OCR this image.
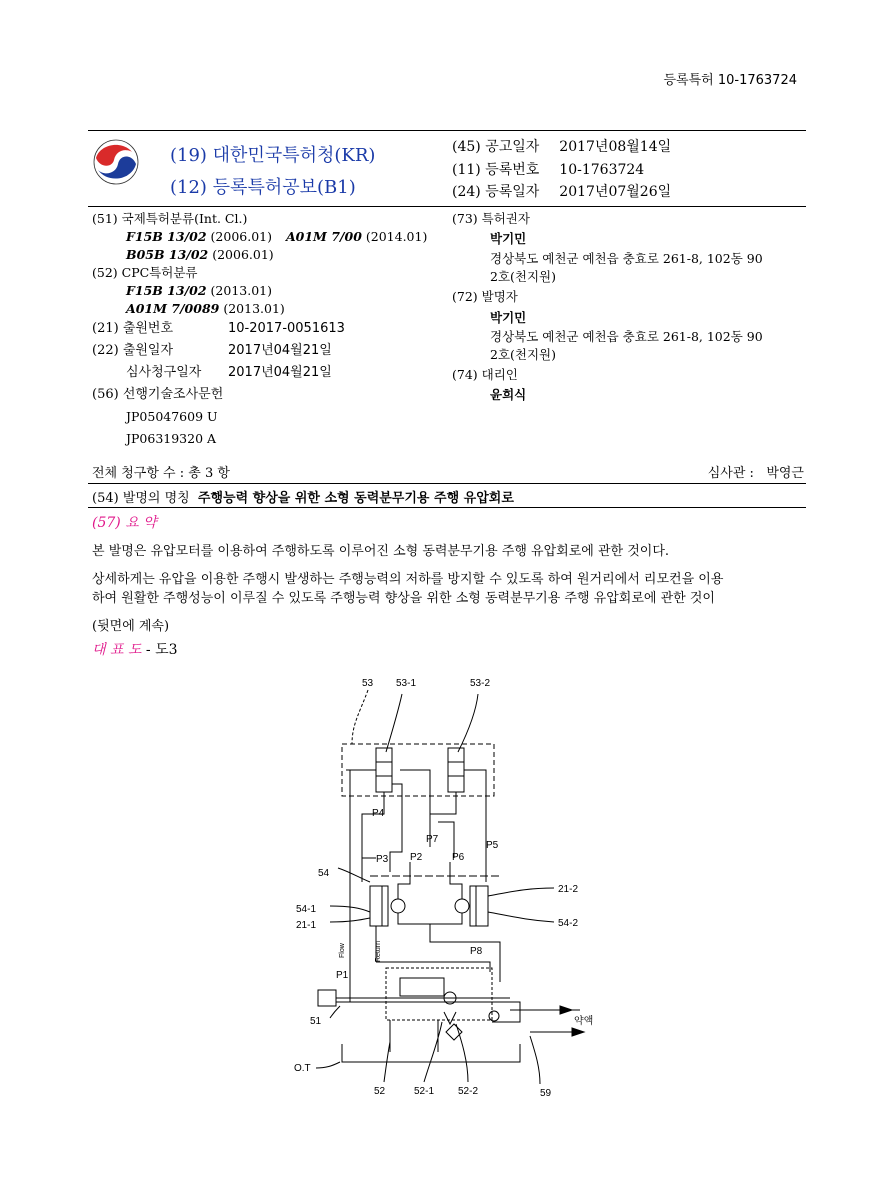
등록특허 10-1763724
(19) 대한민국특허청(KR)
(12) 등록특허공보(B1)
(45) 공고일자 2017년08월14일
(11) 등록번호 10-1763724
(24) 등록일자 2017년07월26일
(51) 국제특허분류(Int. Cl.)
F15B 13/02 (2006.01) A01M 7/00 (2014.01)
B05B 13/02 (2006.01)
(52) CPC특허분류
F15B 13/02 (2013.01)
A01M 7/0089 (2013.01)
(21) 출원번호	10-2017-0051613
(22) 출원일자	2017년04월21일
심사청구일자 2017년04월21일
(56) 선행기술조사문헌
JP05047609 U
JP06319320 A
(73) 특허권자
박기민
경상북도 예천군 예천읍 충효로 261-8, 102동 90
2호(천지원)
(72) 발명자
박기민
경상북도 예천군 예천읍 충효로 261-8, 102동 90
2호(천지원)
(74) 대리인
윤희식
전체 청구항 수 : 총 3 항	심사관 :   박영근
(54) 발명의 명칭 주행능력 향상을 위한 소형 동력분무기용 주행 유압회로
(57) 요 약
본 발명은 유압모터를 이용하여 주행하도록 이루어진 소형 동력분무기용 주행 유압회로에 관한 것이다.
상세하게는 유압을 이용한 주행시 발생하는 주행능력의 저하를 방지할 수 있도록 하여 원거리에서 리모컨을 이용
하여 원활한 주행성능이 이루질 수 있도록 주행능력 향상을 위한 소형 동력분무기용 주행 유압회로에 관한 것이
(뒷면에 계속)
대 표 도 - 도3
53 53-1	53-2
P4
P7
P5
P3 P2	P6
54
54-1
21-1
21-2
54-2
P8
P1
51
O.T
52	52-1 52-2	59
약액
Flow	Return
